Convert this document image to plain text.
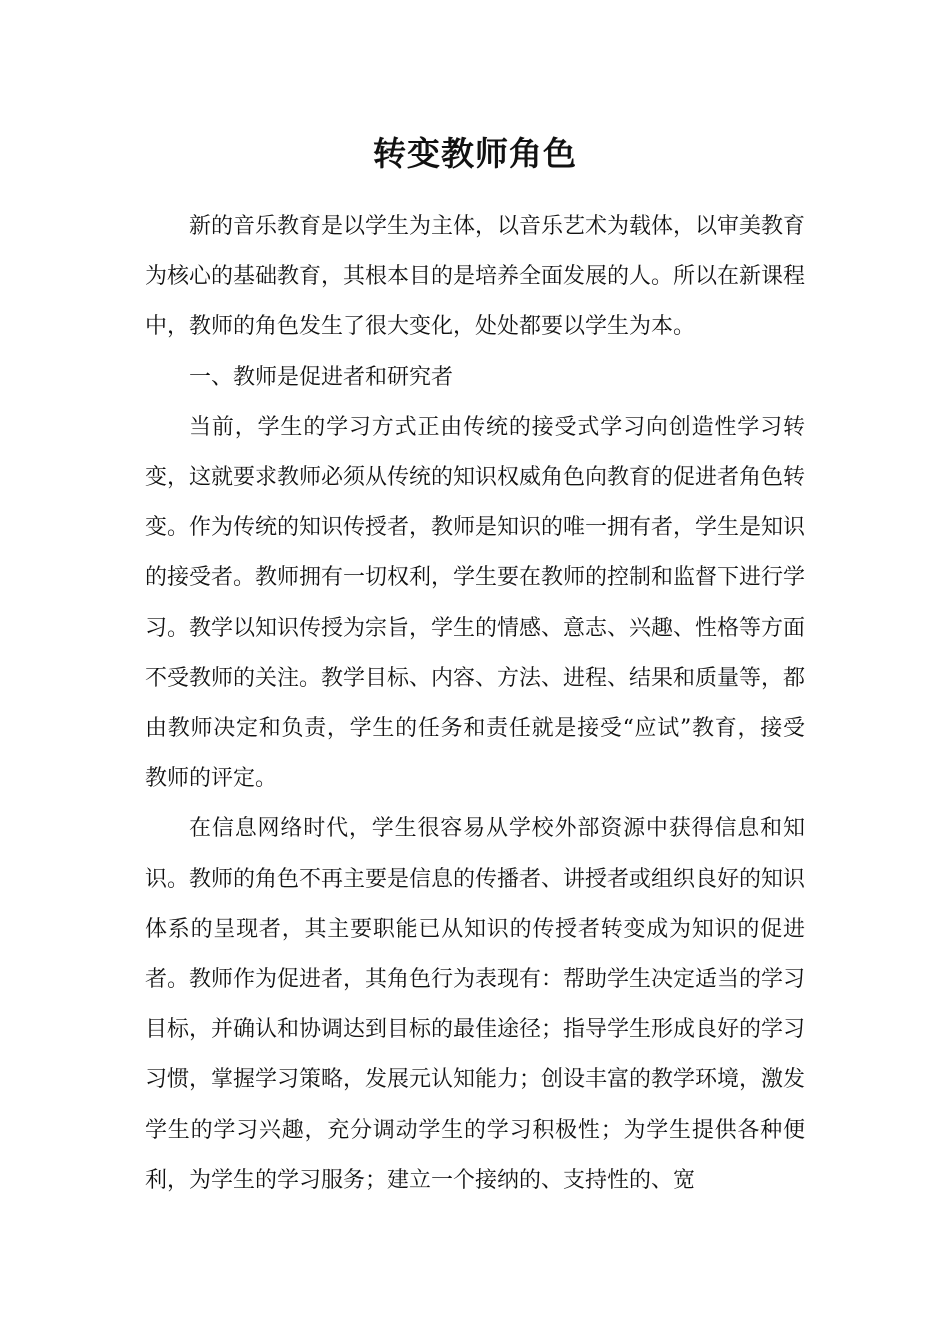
转变教师角色

新的音乐教育是以学生为主体，以音乐艺术为载体，以审美教育为核心的基础教育，其根本目的是培养全面发展的人。所以在新课程中，教师的角色发生了很大变化，处处都要以学生为本。

一、教师是促进者和研究者

当前，学生的学习方式正由传统的接受式学习向创造性学习转变，这就要求教师必须从传统的知识权威角色向教育的促进者角色转变。作为传统的知识传授者，教师是知识的唯一拥有者，学生是知识的接受者。教师拥有一切权利，学生要在教师的控制和监督下进行学习。教学以知识传授为宗旨，学生的情感、意志、兴趣、性格等方面不受教师的关注。教学目标、内容、方法、进程、结果和质量等，都由教师决定和负责，学生的任务和责任就是接受“应试”教育，接受教师的评定。

在信息网络时代，学生很容易从学校外部资源中获得信息和知识。教师的角色不再主要是信息的传播者、讲授者或组织良好的知识体系的呈现者，其主要职能已从知识的传授者转变成为知识的促进者。教师作为促进者，其角色行为表现有：帮助学生决定适当的学习目标，并确认和协调达到目标的最佳途径；指导学生形成良好的学习习惯，掌握学习策略，发展元认知能力；创设丰富的教学环境，激发学生的学习兴趣，充分调动学生的学习积极性；为学生提供各种便利，为学生的学习服务；建立一个接纳的、支持性的、宽
